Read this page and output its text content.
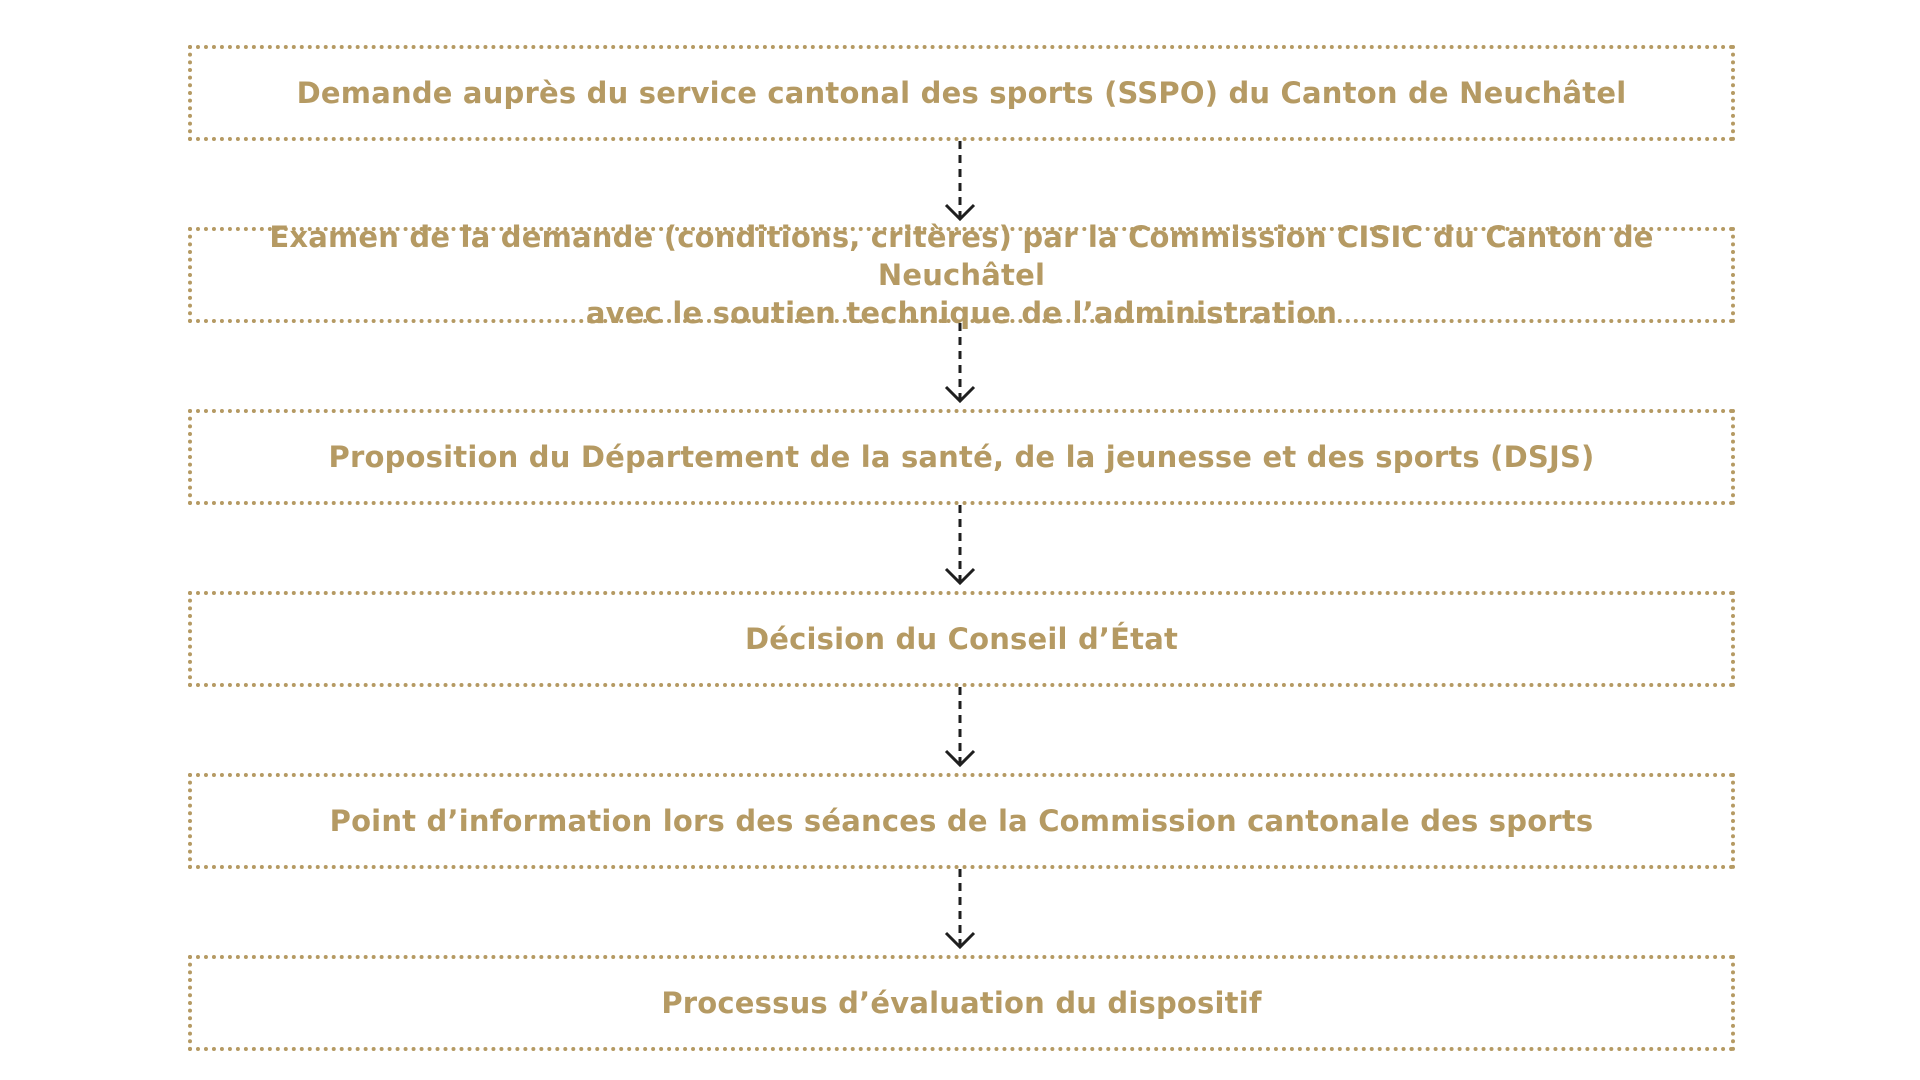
Demande auprès du service cantonal des sports (SSPO) du Canton de Neuchâtel
Examen de la demande (conditions, critères) par la Commission CISIC du Canton de Neuchâtel
avec le soutien technique de l’administration
Proposition du Département de la santé, de la jeunesse et des sports (DSJS)
Décision du Conseil d’État
Point d’information lors des séances de la Commission cantonale des sports
Processus d’évaluation du dispositif
